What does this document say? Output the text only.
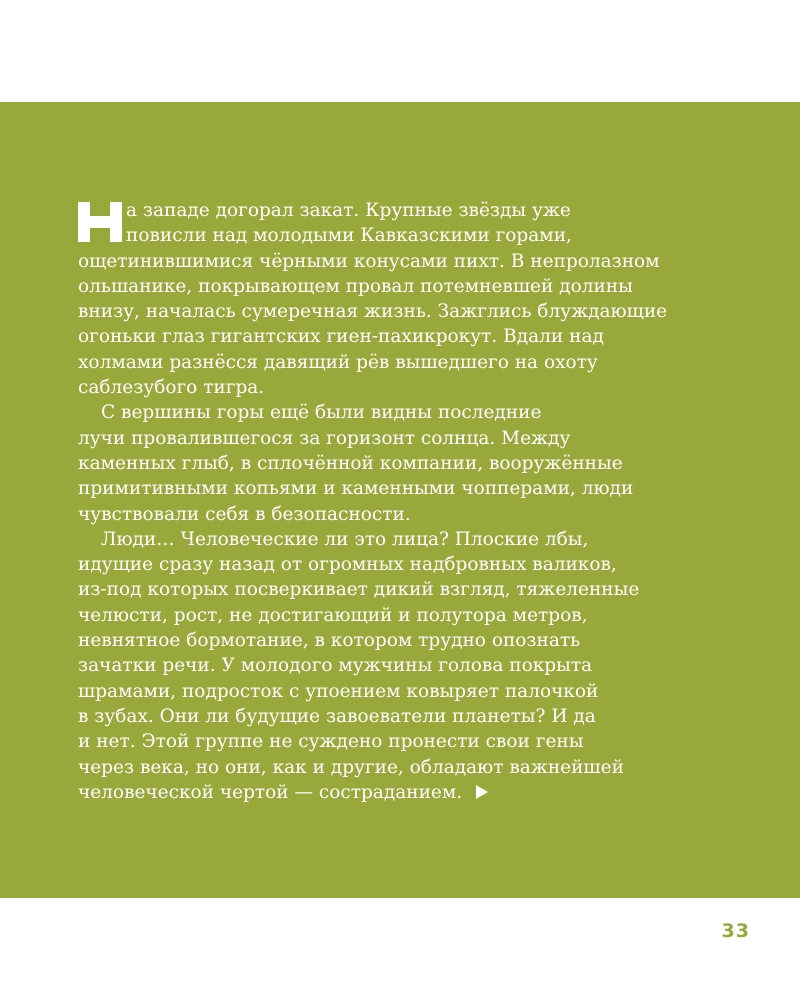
а западе догорал закат. Крупные звёзды уже
повисли над молодыми Кавказскими горами,
ощетинившимися чёрными конусами пихт. В непролазном
ольшанике, покрывающем провал потемневшей долины
внизу, началась сумеречная жизнь. Зажглись блуждающие
огоньки глаз гигантских гиен-пахикрокут. Вдали над
холмами разнёсся давящий рёв вышедшего на охоту
саблезубого тигра.
С вершины горы ещё были видны последние
лучи провалившегося за горизонт солнца. Между
каменных глыб, в сплочённой компании, вооружённые
примитивными копьями и каменными чопперами, люди
чувствовали себя в безопасности.
Люди… Человеческие ли это лица? Плоские лбы,
идущие сразу назад от огромных надбровных валиков,
из-под которых посверкивает дикий взгляд, тяжеленные
челюсти, рост, не достигающий и полутора метров,
невнятное бормотание, в котором трудно опознать
зачатки речи. У молодого мужчины голова покрыта
шрамами, подросток с упоением ковыряет палочкой
в зубах. Они ли будущие завоеватели планеты? И да
и нет. Этой группе не суждено пронести свои гены
через века, но они, как и другие, обладают важнейшей
человеческой чертой — состраданием.
33
